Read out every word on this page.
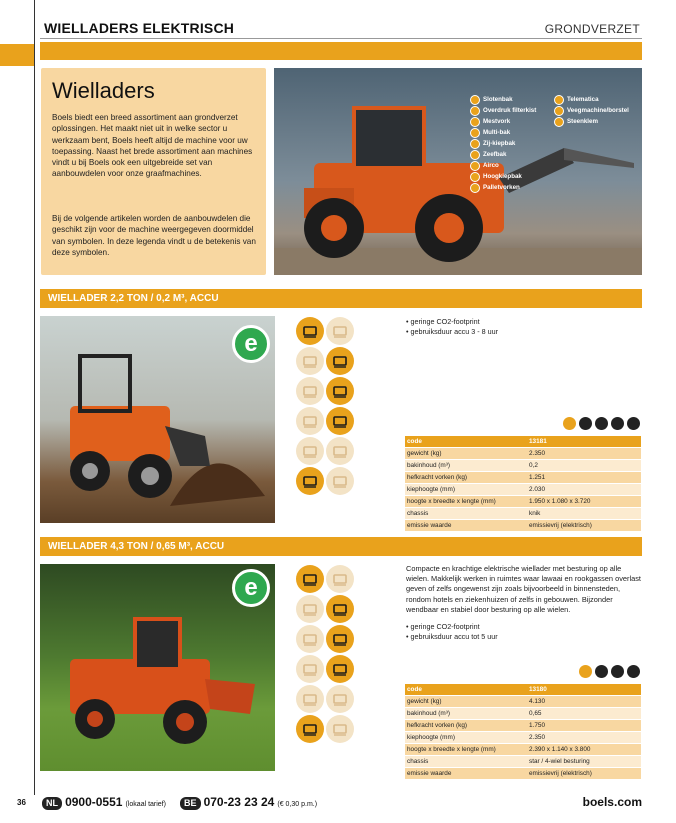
WIELLADERS ELEKTRISCH	GRONDVERZET
Wielladers

Boels biedt een breed assortiment aan grondverzet oplossingen. Het maakt niet uit in welke sector u werkzaam bent, Boels heeft altijd de machine voor uw toepassing. Naast het brede assortiment aan machines vindt u bij Boels ook een uitgebreide set van aanbouwdelen voor onze graafmachines.

Bij de volgende artikelen worden de aanbouwdelen die geschikt zijn voor de machine weergegeven doormiddel van symbolen. In deze legenda vindt u de betekenis van deze symbolen.

Slotenbak
Overdruk filterkist
Mestvork
Multi-bak
Zij-kiepbak
Zeefbak
Airco
Hoogkiepbak
Palletvorken
Telematica
Veegmachine/borstel
Steenklem
WIELLADER 2,2 TON / 0,2 M³, ACCU
e
• geringe CO2-footprint
• gebruiksduur accu 3 - 8 uur
code	13181
gewicht (kg)	2.350
bakinhoud (m³)	0,2
hefkracht vorken (kg)	1.251
kiephoogte (mm)	2.030
hoogte x breedte x lengte (mm)	1.950 x 1.080 x 3.720
chassis	knik
emissie waarde	emissievrij (elektrisch)
WIELLADER 4,3 TON / 0,65 M³, ACCU
e
Compacte en krachtige elektrische wiellader met besturing op alle wielen. Makkelijk werken in ruimtes waar lawaai en rookgassen overlast geven of zelfs ongewenst zijn zoals bijvoorbeeld in binnensteden, rondom hotels en ziekenhuizen of zelfs in gebouwen. Bijzonder wendbaar en stabiel door besturing op alle wielen.
• geringe CO2-footprint
• gebruiksduur accu tot 5 uur
code	13180
gewicht (kg)	4.130
bakinhoud (m³)	0,65
hefkracht vorken (kg)	1.750
kiephoogte (mm)	2.350
hoogte x breedte x lengte (mm)	2.390 x 1.140 x 3.800
chassis	star / 4-wiel besturing
emissie waarde	emissievrij (elektrisch)
36	NL 0900-0551 (lokaal tarief)	BE 070-23 23 24 (€ 0,30 p.m.)	boels.com
